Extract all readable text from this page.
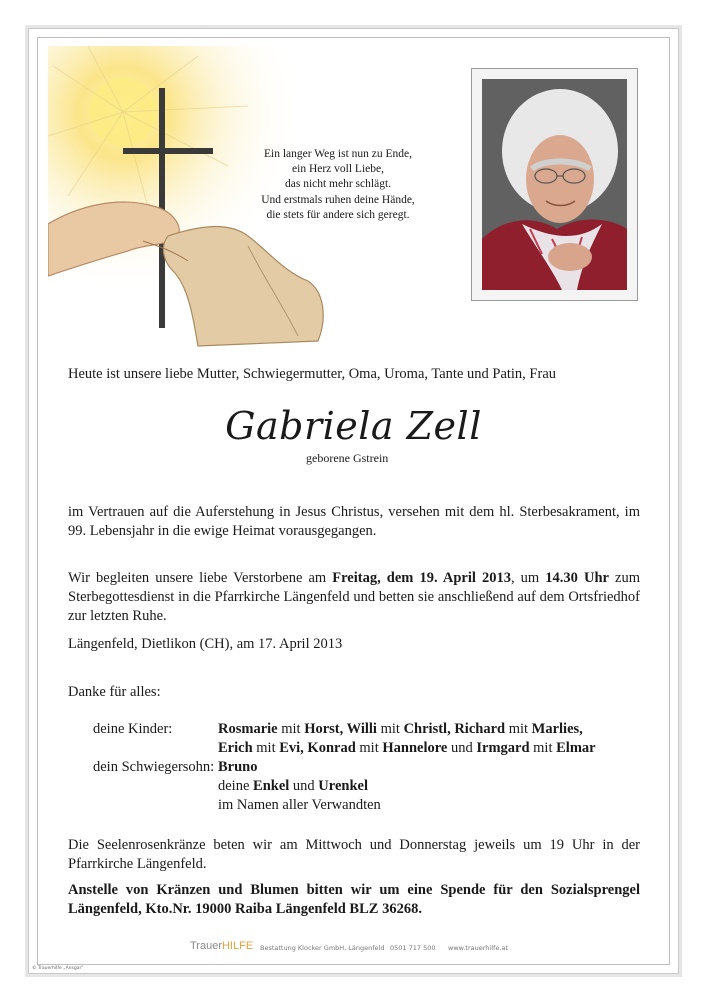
Ein langer Weg ist nun zu Ende,
ein Herz voll Liebe,
das nicht mehr schlägt.
Und erstmals ruhen deine Hände,
die stets für andere sich geregt.
Heute ist unsere liebe Mutter, Schwiegermutter, Oma, Uroma, Tante und Patin, Frau
Gabriela Zell
geborene Gstrein
im Vertrauen auf die Auferstehung in Jesus Christus, versehen mit dem hl. Sterbesakrament, im 99. Lebensjahr in die ewige Heimat vorausgegangen.
Wir begleiten unsere liebe Verstorbene am Freitag, dem 19. April 2013, um 14.30 Uhr zum Sterbegottesdienst in die Pfarrkirche Längenfeld und betten sie anschließend auf dem Ortsfriedhof zur letzten Ruhe.
Längenfeld, Dietlikon (CH), am 17. April 2013
Danke für alles:
deine Kinder:	Rosmarie mit Horst, Willi mit Christl, Richard mit Marlies,
Erich mit Evi, Konrad mit Hannelore und Irmgard mit Elmar
dein Schwiegersohn: Bruno
deine Enkel und Urenkel
im Namen aller Verwandten
Die Seelenrosenkränze beten wir am Mittwoch und Donnerstag jeweils um 19 Uhr in der Pfarrkirche Längenfeld.
Anstelle von Kränzen und Blumen bitten wir um eine Spende für den Sozialsprengel Längenfeld, Kto.Nr. 19000 Raiba Längenfeld BLZ 36268.
TrauerHILFE Bestattung Klocker GmbH, Längenfeld 0501 717 500 www.trauerhilfe.at
© Trauerhilfe „Ansgar“
